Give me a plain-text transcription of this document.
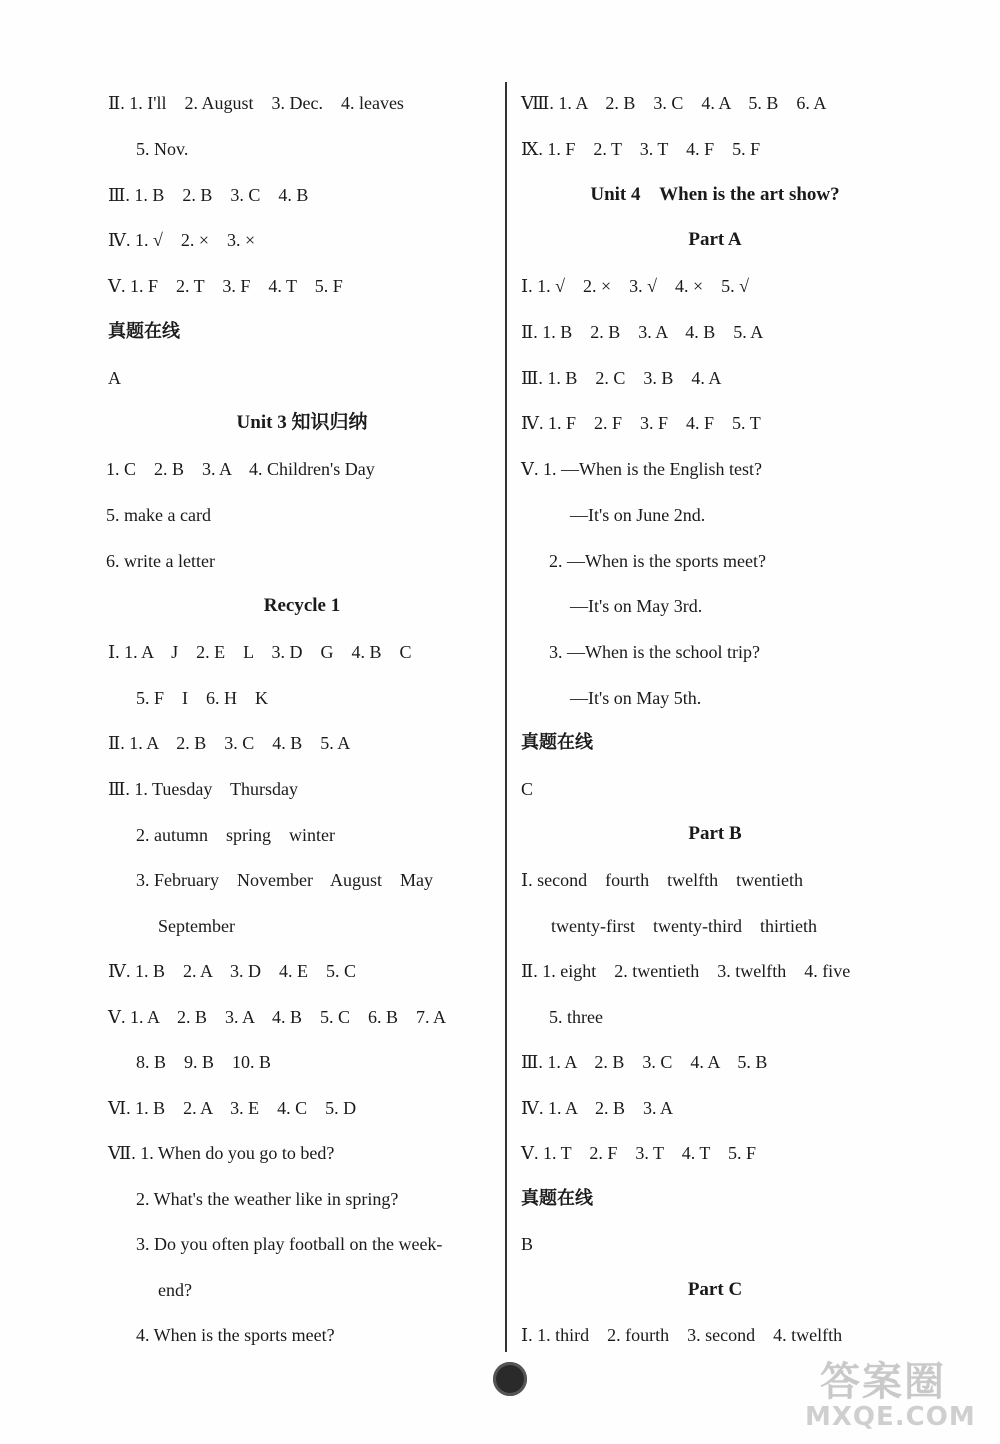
Ⅱ. 1. I'll    2. August    3. Dec.    4. leaves
5. Nov.
Ⅲ. 1. B    2. B    3. C    4. B
Ⅳ. 1. √    2. ×    3. ×
Ⅴ. 1. F    2. T    3. F    4. T    5. F
A
1. C    2. B    3. A    4. Children's Day
5. make a card
6. write a letter
Ⅰ. 1. A    J    2. E    L    3. D    G    4. B    C
5. F    I    6. H    K
Ⅱ. 1. A    2. B    3. C    4. B    5. A
Ⅲ. 1. Tuesday    Thursday
2. autumn    spring    winter
3. February    November    August    May
September
Ⅳ. 1. B    2. A    3. D    4. E    5. C
Ⅴ. 1. A    2. B    3. A    4. B    5. C    6. B    7. A
8. B    9. B    10. B
Ⅵ. 1. B    2. A    3. E    4. C    5. D
Ⅶ. 1. When do you go to bed?
2. What's the weather like in spring?
3. Do you often play football on the week-
end?
4. When is the sports meet?
Unit 3 知识归纳
Recycle 1
真题在线
Ⅷ. 1. A    2. B    3. C    4. A    5. B    6. A
Ⅸ. 1. F    2. T    3. T    4. F    5. F
Ⅰ. 1. √    2. ×    3. √    4. ×    5. √
Ⅱ. 1. B    2. B    3. A    4. B    5. A
Ⅲ. 1. B    2. C    3. B    4. A
Ⅳ. 1. F    2. F    3. F    4. F    5. T
Ⅴ. 1. —When is the English test?
—It's on June 2nd.
2. —When is the sports meet?
—It's on May 3rd.
3. —When is the school trip?
—It's on May 5th.
C
Ⅰ. second    fourth    twelfth    twentieth
twenty-first    twenty-third    thirtieth
Ⅱ. 1. eight    2. twentieth    3. twelfth    4. five
5. three
Ⅲ. 1. A    2. B    3. C    4. A    5. B
Ⅳ. 1. A    2. B    3. A
Ⅴ. 1. T    2. F    3. T    4. T    5. F
B
Ⅰ. 1. third    2. fourth    3. second    4. twelfth
Unit 4    When is the art show?
Part A
Part B
Part C
真题在线
真题在线
答案圈
MXQE.COM
